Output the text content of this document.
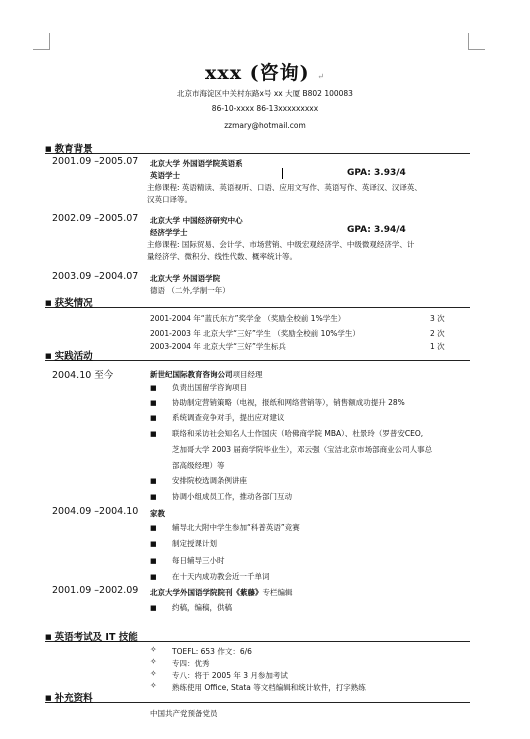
xxx (咨询) ↵
北京市海淀区中关村东路x号 xx 大厦 B802 100083
86-10-xxxx 86-13xxxxxxxxx
zzmary@hotmail.com
■ 教育背景
2001.09 –2005.07 北京大学 外国语学院英语系
英语学士	GPA: 3.93/4
主修课程: 英语精读、英语视听、口语、应用文写作、英语写作、英译汉、汉译英、
汉英口译等。
2002.09 –2005.07 北京大学 中国经济研究中心
经济学学士	GPA: 3.94/4
主修课程: 国际贸易、会计学、市场营销、中级宏观经济学、中级微观经济学、计
量经济学、微积分、线性代数、概率统计等。
2003.09 –2004.07 北京大学 外国语学院
德语 （二外,学制一年）
■ 获奖情况
2001-2004 年“蓝氏东方”奖学金 （奖励全校前 1%学生）	3 次
2001-2003 年 北京大学“三好”学生 （奖励全校前 10%学生）	2 次
2003-2004 年 北京大学“三好”学生标兵	1 次
■ 实践活动
2004.10 至今	新世纪国际教育咨询公司项目经理
■	负责出国留学咨询项目
■	协助制定营销策略（电视，报纸和网络营销等），销售额成功提升 28%
■	系统调查竞争对手，提出应对建议
■	联络和采访社会知名人士作国庆（哈佛商学院 MBA）、杜景玲（罗普安CEO,
芝加哥大学 2003 届商学院毕业生），邓云强（宝洁北京市场部商业公司人事总
部高级经理）等
■	安排院校选调条例讲座
■	协调小组成员工作，推动各部门互动
2004.09 –2004.10 家教
■	辅导北大附中学生参加“科普英语”竞赛
■	制定授课计划
■	每日辅导三小时
■	在十天内成功教会近一千单词
2001.09 –2002.09 北京大学外国语学院院刊《紫藤》专栏编辑
■	约稿，编稿，供稿
■ 英语考试及 IT 技能
✧ TOEFL: 653 作文：6/6
✧ 专四：优秀
✧ 专八：将于 2005 年 3 月参加考试
✧ 熟练使用 Office, Stata 等文档编辑和统计软件，打字熟练
■ 补充资料
中国共产党预备党员
